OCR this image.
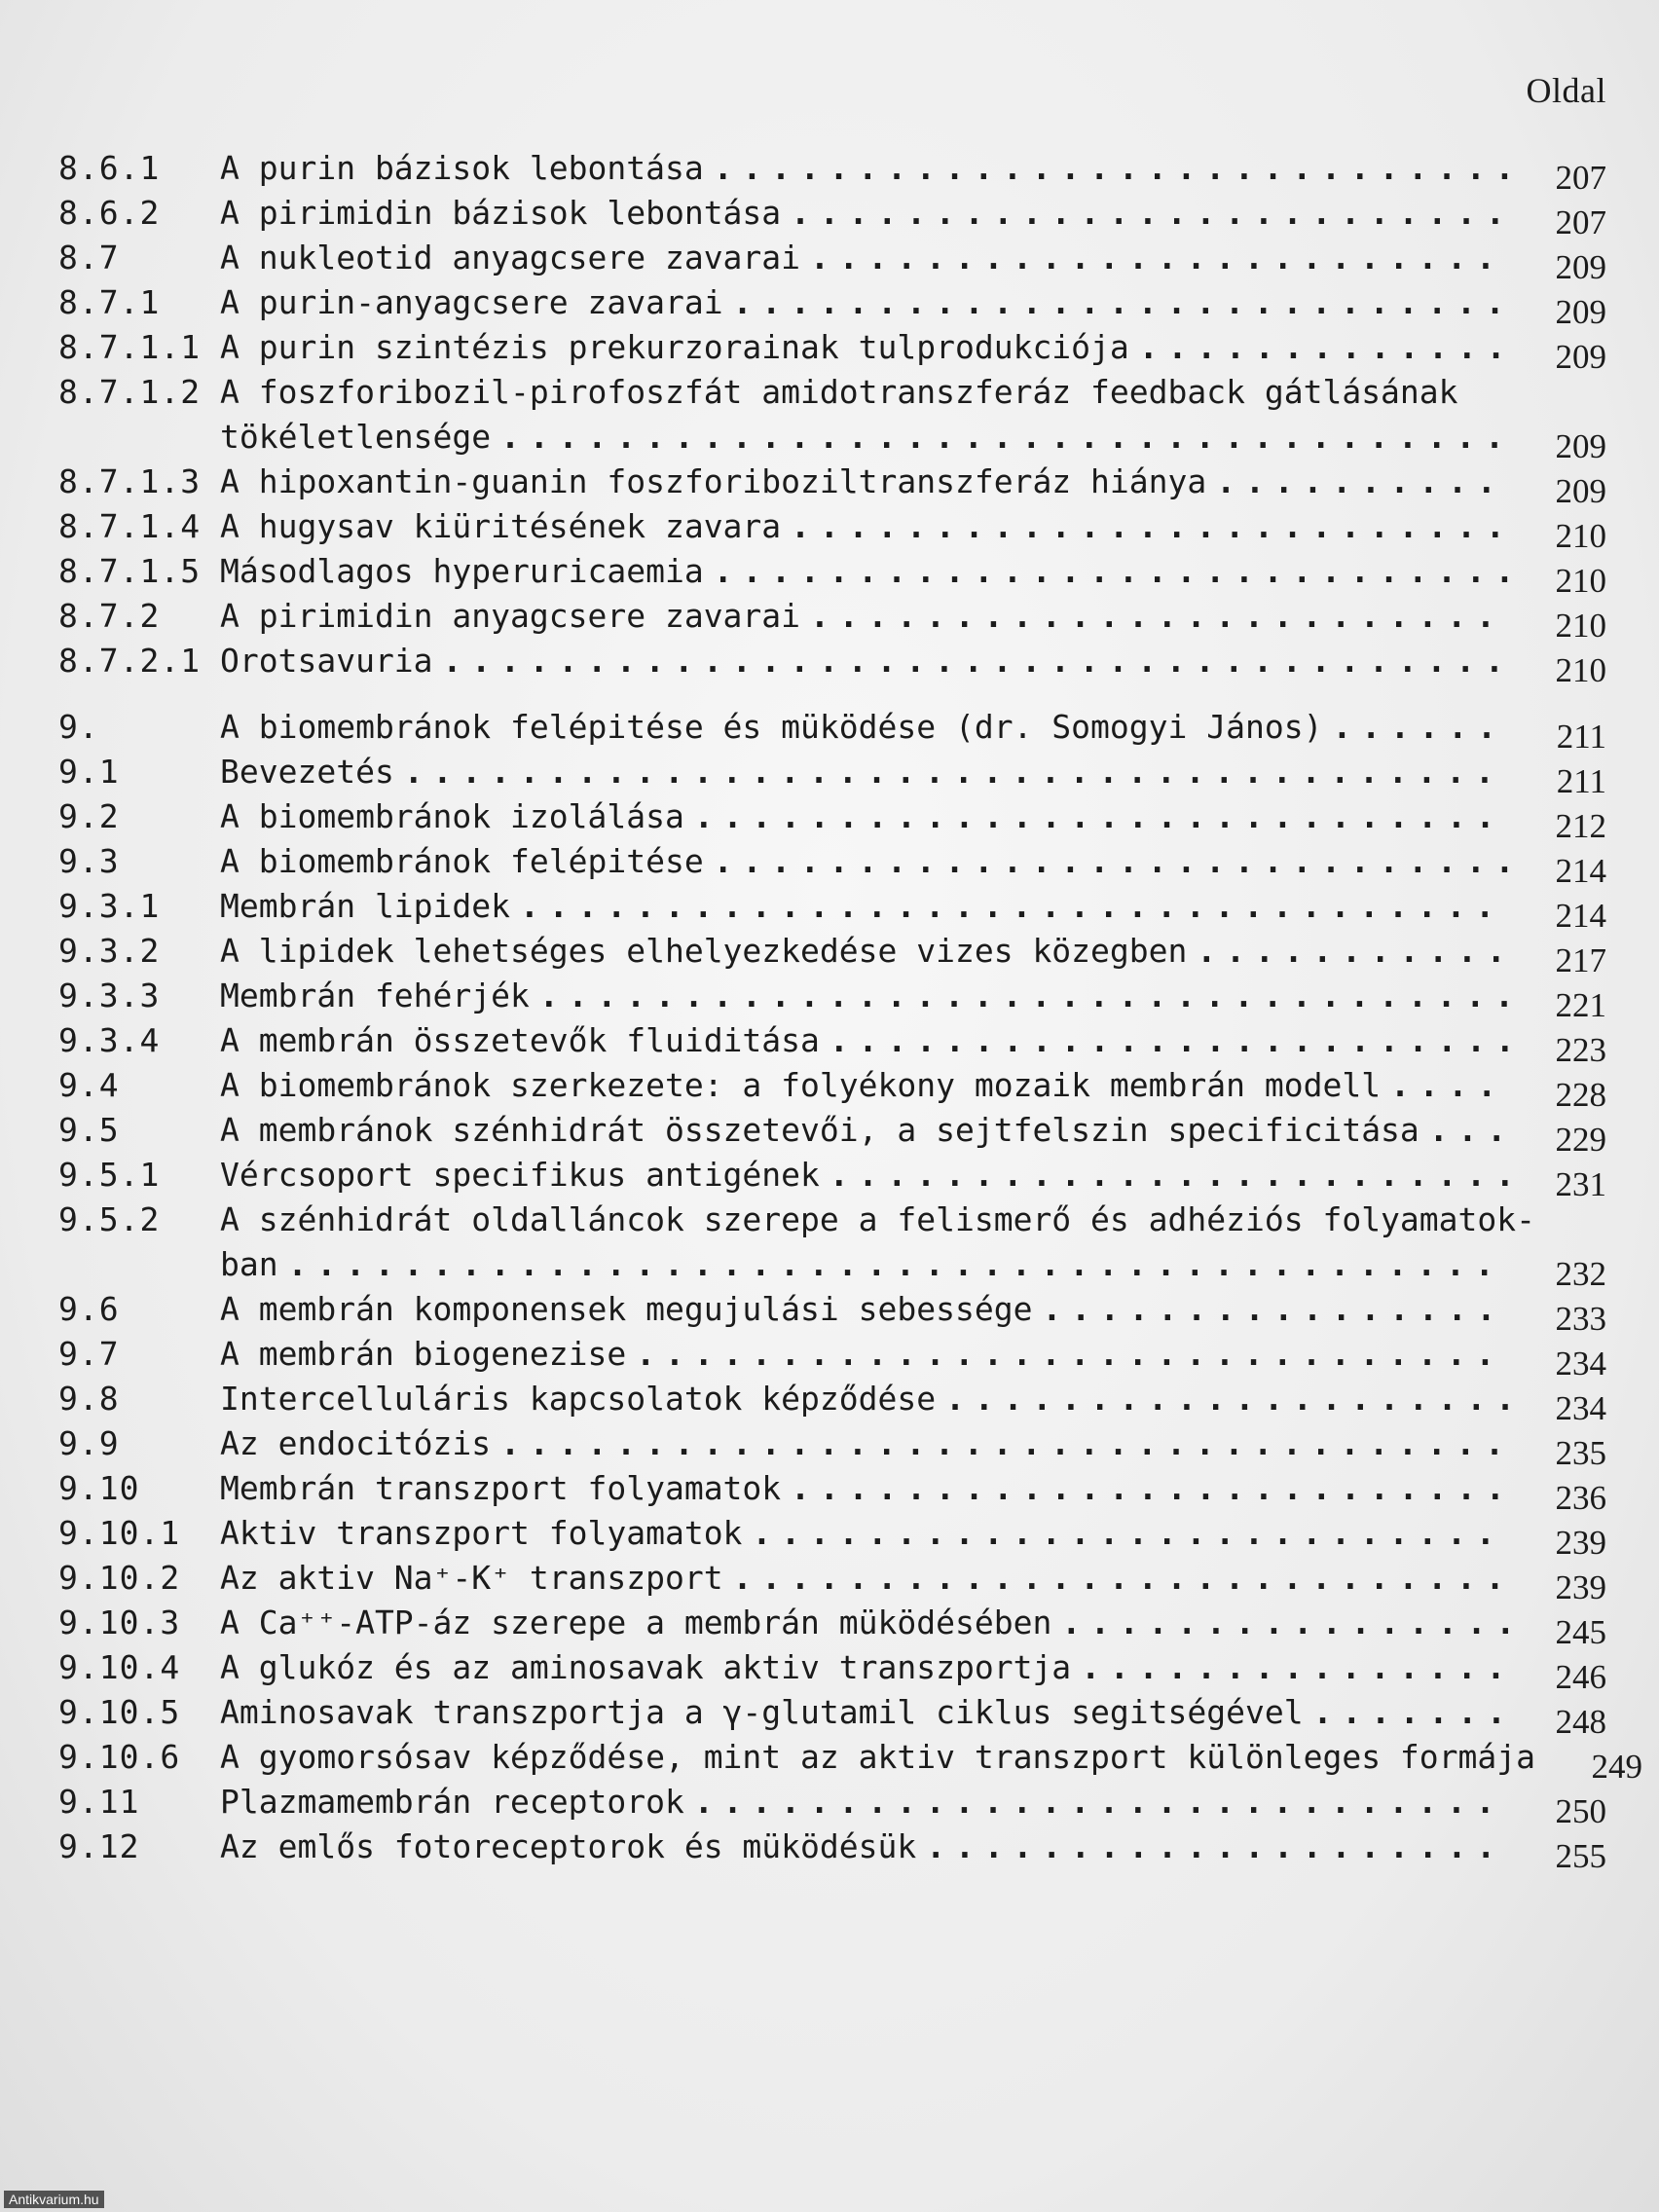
Oldal
8.6.1	A purin bázisok lebontása . . .	207
8.6.2	A pirimidin bázisok lebontása . . .	207
8.7	A nukleotid anyagcsere zavarai . . .	209
8.7.1	A purin-anyagcsere zavarai . . .	209
8.7.1.1 A purin szintézis prekurzorainak tulprodukciója . . .	209
8.7.1.2 A foszforibozil-pirofoszfát amidotranszferáz feedback gátlásának
tökéletlensége . . .	209
8.7.1.3 A hipoxantin-guanin foszforiboziltranszferáz hiánya . . .	209
8.7.1.4 A hugysav kiüritésének zavara . . .	210
8.7.1.5 Másodlagos hyperuricaemia . . .	210
8.7.2	A pirimidin anyagcsere zavarai . . .	210
8.7.2.1 Orotsavuria . . .	210
9.	A biomembránok felépitése és müködése (dr. Somogyi János) . . .	211
9.1	Bevezetés . . .	211
9.2	A biomembránok izolálása . . .	212
9.3	A biomembránok felépitése . . .	214
9.3.1	Membrán lipidek . . .	214
9.3.2	A lipidek lehetséges elhelyezkedése vizes közegben . . .	217
9.3.3	Membrán fehérjék . . .	221
9.3.4	A membrán összetevők fluiditása . . .	223
9.4	A biomembránok szerkezete: a folyékony mozaik membrán modell . . .	228
9.5	A membránok szénhidrát összetevői, a sejtfelszin specificitása . . .	229
9.5.1	Vércsoport specifikus antigének . . .	231
9.5.2	A szénhidrát oldalláncok szerepe a felismerő és adhéziós folyamatok-
ban . . .	232
9.6	A membrán komponensek megujulási sebessége . . .	233
9.7	A membrán biogenezise . . .	234
9.8	Intercelluláris kapcsolatok képződése . . .	234
9.9	Az endocitózis . . .	235
9.10	Membrán transzport folyamatok . . .	236
9.10.1	Aktiv transzport folyamatok . . .	239
9.10.2	Az aktiv Na⁺-K⁺ transzport . . .	239
9.10.3	A Ca⁺⁺-ATP-áz szerepe a membrán müködésében . . .	245
9.10.4	A glukóz és az aminosavak aktiv transzportja . . .	246
9.10.5	Aminosavak transzportja a γ-glutamil ciklus segitségével . . .	248
9.10.6	A gyomorsósav képződése, mint az aktiv transzport különleges formája	249
9.11	Plazmamembrán receptorok . . .	250
9.12	Az emlős fotoreceptorok és müködésük . . .	255
Antikvarium.hu
